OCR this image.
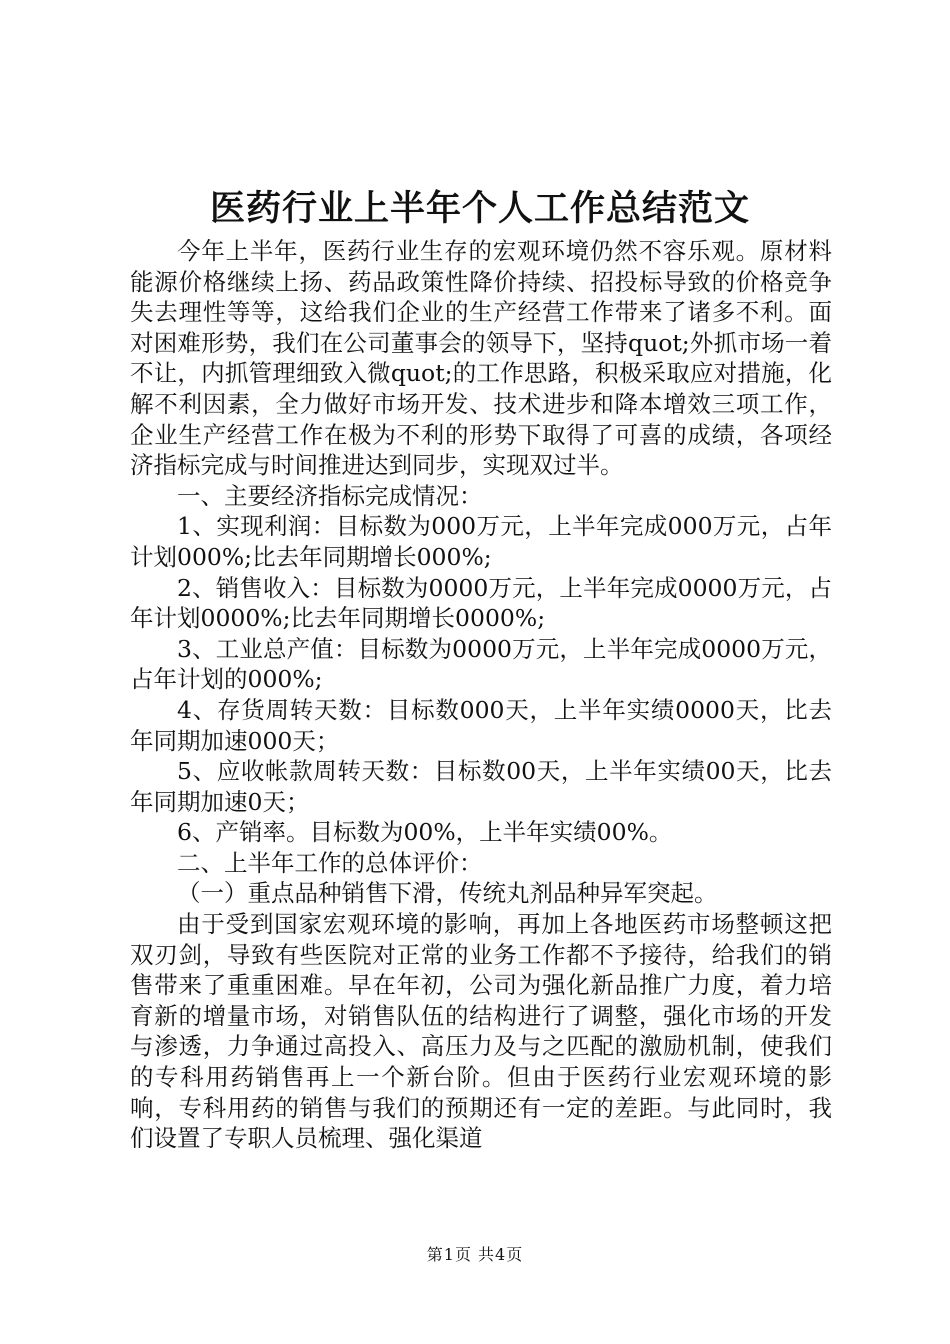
医药行业上半年个人工作总结范文

今年上半年，医药行业生存的宏观环境仍然不容乐观。原材料能源价格继续上扬、药品政策性降价持续、招投标导致的价格竞争失去理性等等，这给我们企业的生产经营工作带来了诸多不利。面对困难形势，我们在公司董事会的领导下，坚持quot;外抓市场一着不让，内抓管理细致入微quot;的工作思路，积极采取应对措施，化解不利因素，全力做好市场开发、技术进步和降本增效三项工作，企业生产经营工作在极为不利的形势下取得了可喜的成绩，各项经济指标完成与时间推进达到同步，实现双过半。

一、主要经济指标完成情况：

1、实现利润：目标数为000万元，上半年完成000万元，占年计划000%;比去年同期增长000%;

2、销售收入：目标数为0000万元，上半年完成0000万元，占年计划0000%;比去年同期增长0000%;

3、工业总产值：目标数为0000万元，上半年完成0000万元，占年计划的000%;

4、存货周转天数：目标数000天，上半年实绩0000天，比去年同期加速000天；

5、应收帐款周转天数：目标数00天，上半年实绩00天，比去年同期加速0天；

6、产销率。目标数为00%，上半年实绩00%。

二、上半年工作的总体评价：

（一）重点品种销售下滑，传统丸剂品种异军突起。

由于受到国家宏观环境的影响，再加上各地医药市场整顿这把双刃剑，导致有些医院对正常的业务工作都不予接待，给我们的销售带来了重重困难。早在年初，公司为强化新品推广力度，着力培育新的增量市场，对销售队伍的结构进行了调整，强化市场的开发与渗透，力争通过高投入、高压力及与之匹配的激励机制，使我们的专科用药销售再上一个新台阶。但由于医药行业宏观环境的影响，专科用药的销售与我们的预期还有一定的差距。与此同时，我们设置了专职人员梳理、强化渠道

第1页 共4页
